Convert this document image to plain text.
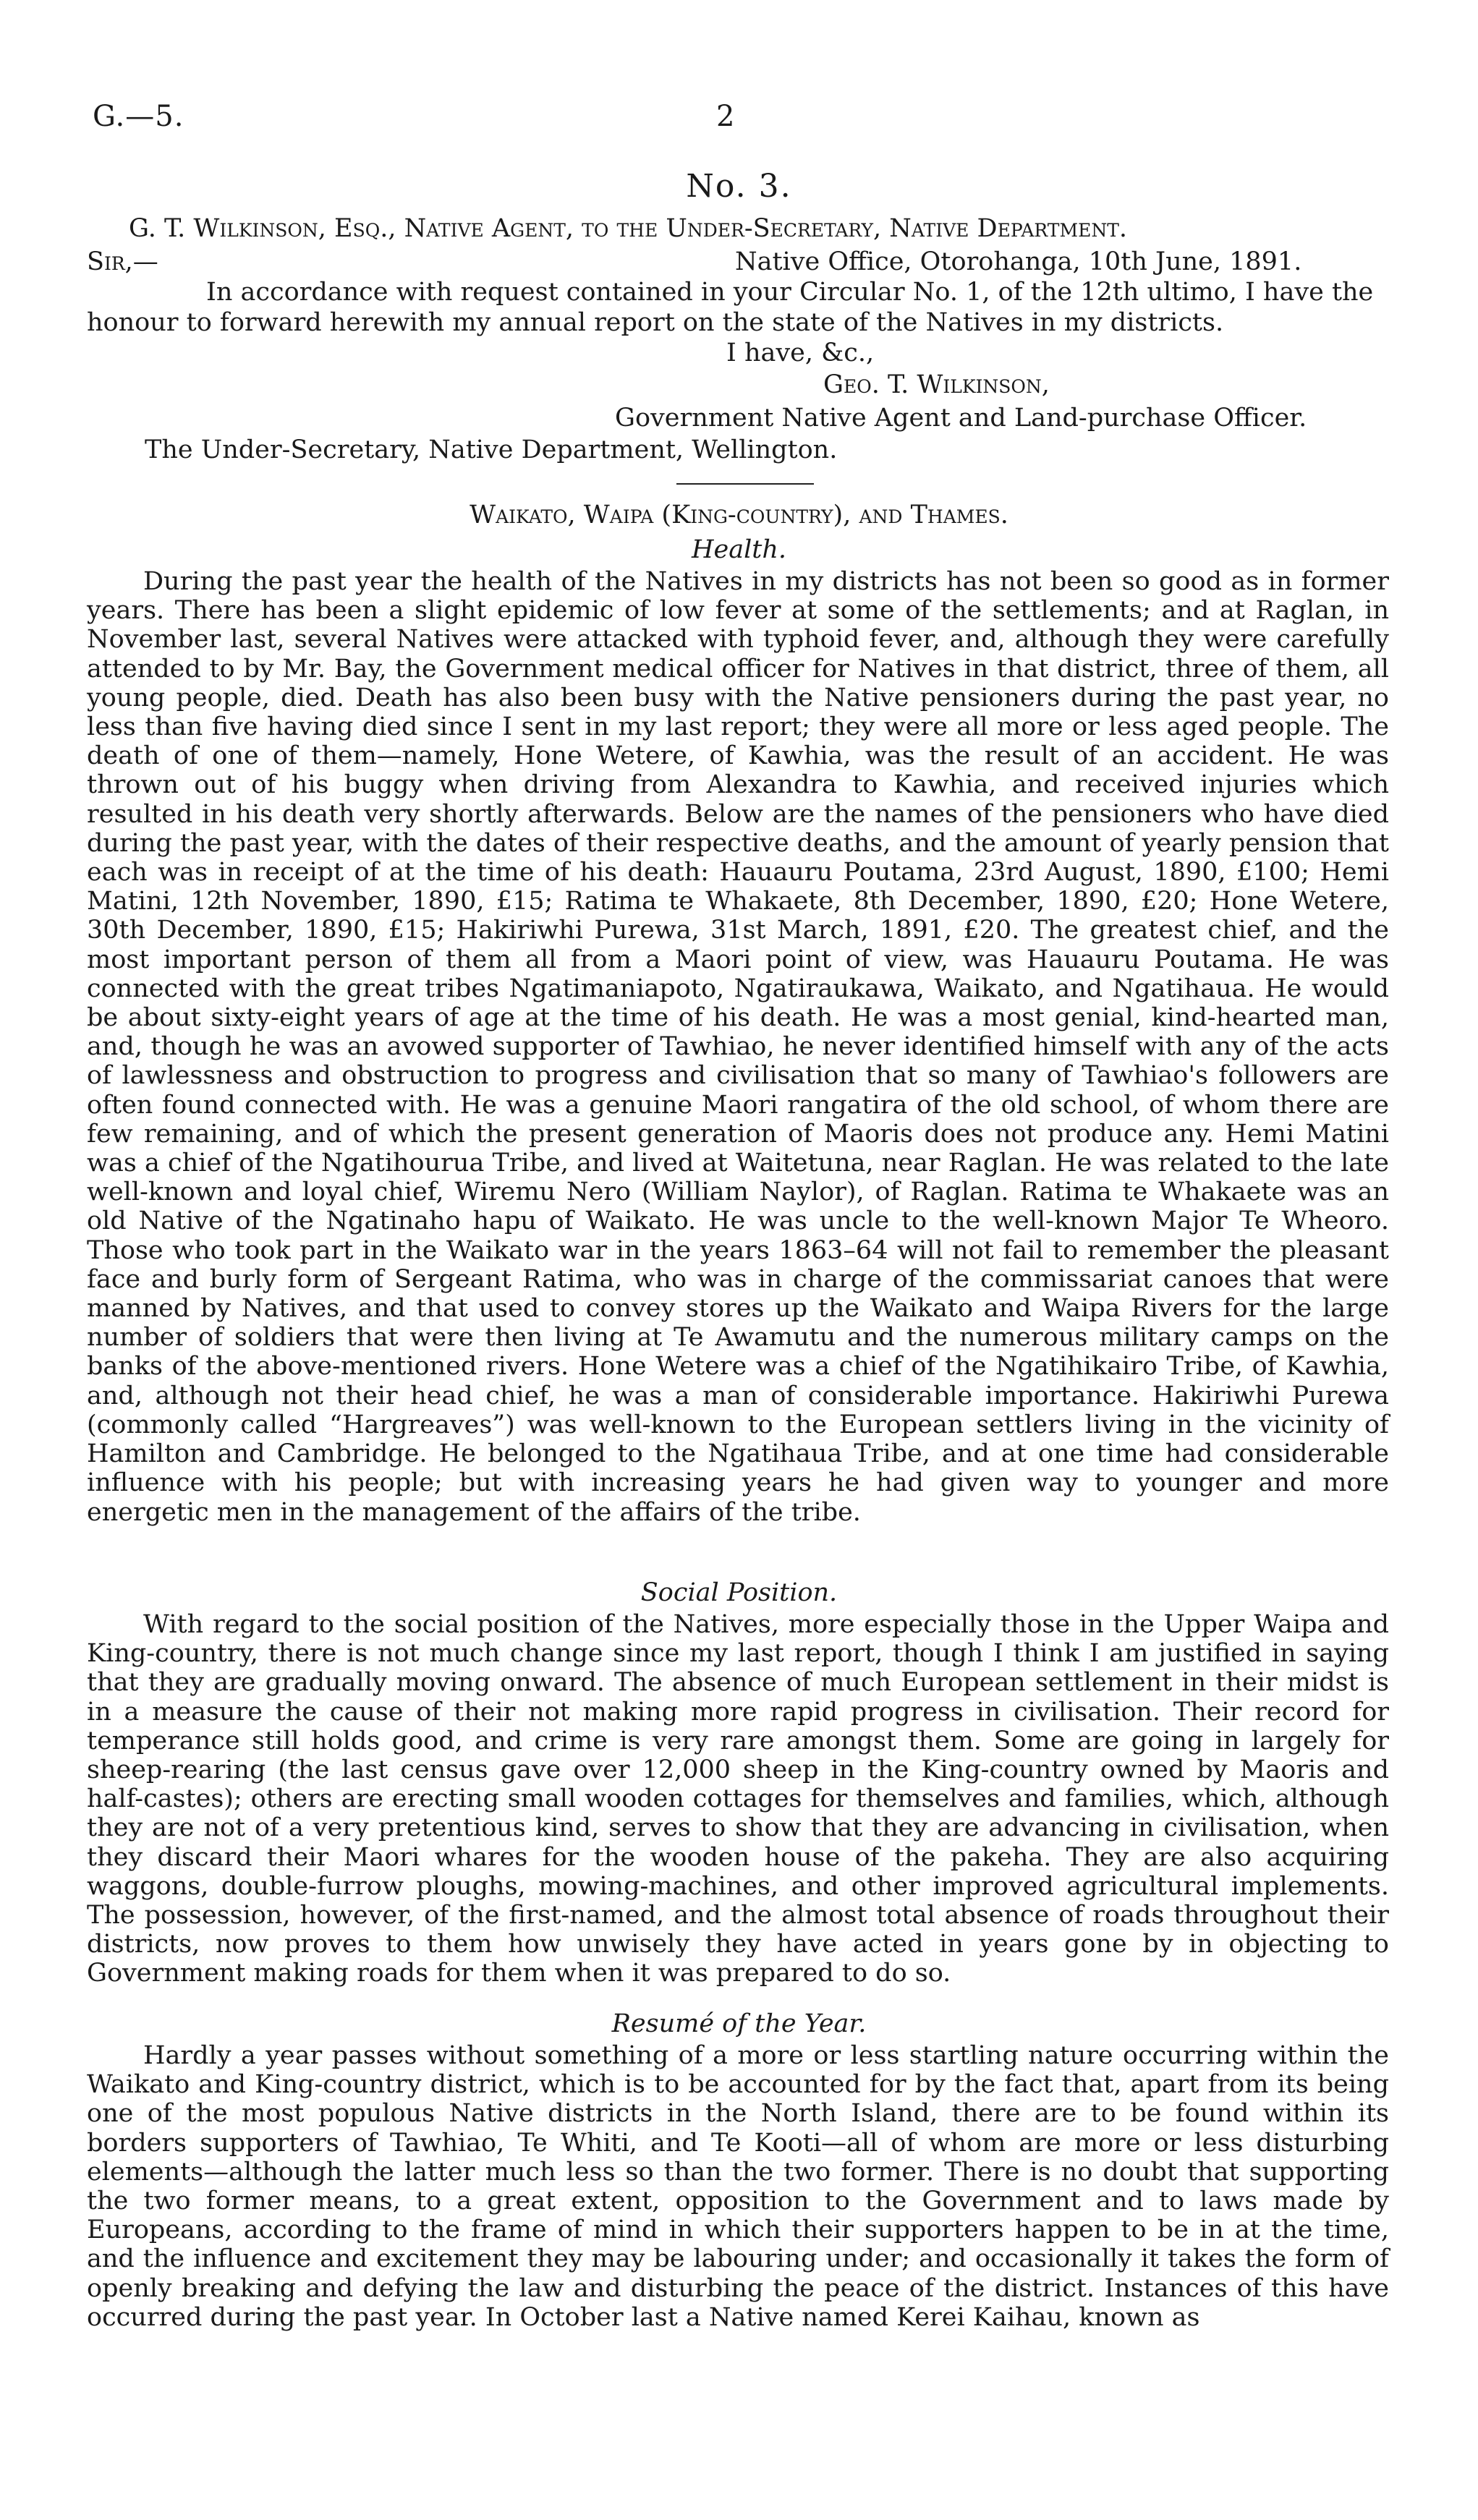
G.—5.	2
No. 3.
G. T. Wilkinson, Esq., Native Agent, to the Under-Secretary, Native Department.
Sir,—	Native Office, Otorohanga, 10th June, 1891.
In accordance with request contained in your Circular No. 1, of the 12th ultimo, I have the
honour to forward herewith my annual report on the state of the Natives in my districts.
I have, &c.,
Geo. T. Wilkinson,
Government Native Agent and Land-purchase Officer.
The Under-Secretary, Native Department, Wellington.
Waikato, Waipa (King-country), and Thames.
Health.

During the past year the health of the Natives in my districts has not been so good as in former years. There has been a slight epidemic of low fever at some of the settlements; and at Raglan, in November last, several Natives were attacked with typhoid fever, and, although they were carefully attended to by Mr. Bay, the Government medical officer for Natives in that district, three of them, all young people, died. Death has also been busy with the Native pensioners during the past year, no less than five having died since I sent in my last report; they were all more or less aged people. The death of one of them—namely, Hone Wetere, of Kawhia, was the result of an accident. He was thrown out of his buggy when driving from Alexandra to Kawhia, and received injuries which resulted in his death very shortly afterwards. Below are the names of the pensioners who have died during the past year, with the dates of their respective deaths, and the amount of yearly pension that each was in receipt of at the time of his death: Hauauru Poutama, 23rd August, 1890, £100; Hemi Matini, 12th November, 1890, £15; Ratima te Whakaete, 8th December, 1890, £20; Hone Wetere, 30th December, 1890, £15; Hakiriwhi Purewa, 31st March, 1891, £20. The greatest chief, and the most important person of them all from a Maori point of view, was Hauauru Poutama. He was connected with the great tribes Ngatimaniapoto, Ngatiraukawa, Waikato, and Ngatihaua. He would be about sixty-eight years of age at the time of his death. He was a most genial, kind-hearted man, and, though he was an avowed supporter of Tawhiao, he never identified himself with any of the acts of lawlessness and obstruction to progress and civilisation that so many of Tawhiao's followers are often found connected with. He was a genuine Maori rangatira of the old school, of whom there are few remaining, and of which the present generation of Maoris does not produce any. Hemi Matini was a chief of the Ngatihourua Tribe, and lived at Waitetuna, near Raglan. He was related to the late well-known and loyal chief, Wiremu Nero (William Naylor), of Raglan. Ratima te Whakaete was an old Native of the Ngatinaho hapu of Waikato. He was uncle to the well-known Major Te Wheoro. Those who took part in the Waikato war in the years 1863–64 will not fail to remember the pleasant face and burly form of Sergeant Ratima, who was in charge of the commissariat canoes that were manned by Natives, and that used to convey stores up the Waikato and Waipa Rivers for the large number of soldiers that were then living at Te Awamutu and the numerous military camps on the banks of the above-mentioned rivers. Hone Wetere was a chief of the Ngatihikairo Tribe, of Kawhia, and, although not their head chief, he was a man of considerable importance. Hakiriwhi Purewa (commonly called “Hargreaves”) was well-known to the European settlers living in the vicinity of Hamilton and Cambridge. He belonged to the Ngatihaua Tribe, and at one time had considerable influence with his people; but with increasing years he had given way to younger and more energetic men in the management of the affairs of the tribe.

Social Position.

With regard to the social position of the Natives, more especially those in the Upper Waipa and King-country, there is not much change since my last report, though I think I am justified in saying that they are gradually moving onward. The absence of much European settlement in their midst is in a measure the cause of their not making more rapid progress in civilisation. Their record for temperance still holds good, and crime is very rare amongst them. Some are going in largely for sheep-rearing (the last census gave over 12,000 sheep in the King-country owned by Maoris and half-castes); others are erecting small wooden cottages for themselves and families, which, although they are not of a very pretentious kind, serves to show that they are advancing in civilisation, when they discard their Maori whares for the wooden house of the pakeha. They are also acquiring waggons, double-furrow ploughs, mowing-machines, and other improved agricultural implements. The possession, however, of the first-named, and the almost total absence of roads throughout their districts, now proves to them how unwisely they have acted in years gone by in objecting to Government making roads for them when it was prepared to do so.

Resumé of the Year.

Hardly a year passes without something of a more or less startling nature occurring within the Waikato and King-country district, which is to be accounted for by the fact that, apart from its being one of the most populous Native districts in the North Island, there are to be found within its borders supporters of Tawhiao, Te Whiti, and Te Kooti—all of whom are more or less disturbing elements—although the latter much less so than the two former. There is no doubt that supporting the two former means, to a great extent, opposition to the Government and to laws made by Europeans, according to the frame of mind in which their supporters happen to be in at the time, and the influence and excitement they may be labouring under; and occasionally it takes the form of openly breaking and defying the law and disturbing the peace of the district. Instances of this have occurred during the past year. In October last a Native named Kerei Kaihau, known as
